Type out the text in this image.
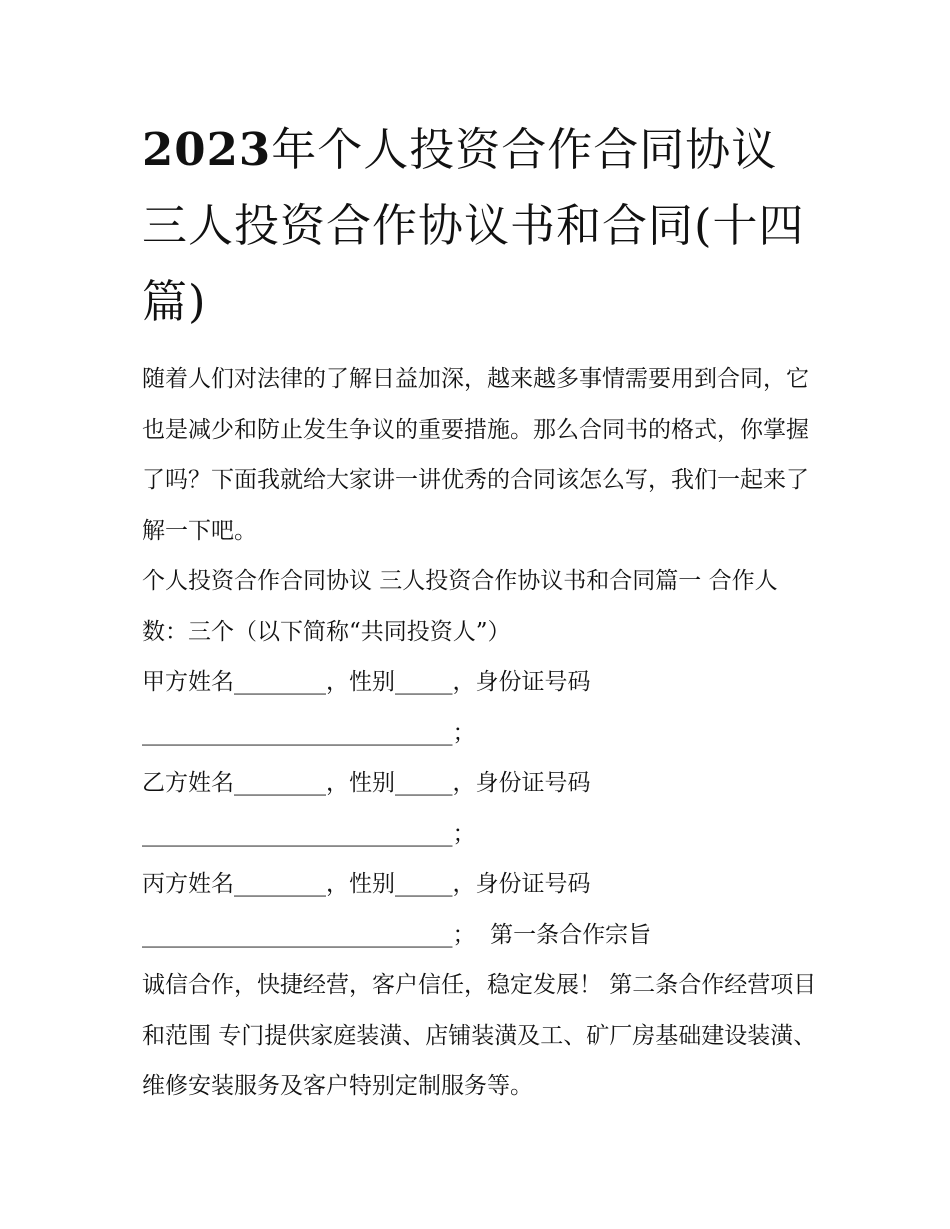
2023年个人投资合作合同协议三人投资合作协议书和合同(十四篇)

随着人们对法律的了解日益加深，越来越多事情需要用到合同，它也是减少和防止发生争议的重要措施。那么合同书的格式，你掌握了吗？下面我就给大家讲一讲优秀的合同该怎么写，我们一起来了解一下吧。

个人投资合作合同协议 三人投资合作协议书和合同篇一 合作人数：三个（以下简称“共同投资人”）

甲方姓名________，性别_____，身份证号码

___________________________；

乙方姓名________，性别_____，身份证号码

___________________________；

丙方姓名________，性别_____，身份证号码

___________________________；  第一条合作宗旨

诚信合作，快捷经营，客户信任，稳定发展！ 第二条合作经营项目和范围 专门提供家庭装潢、店铺装潢及工、矿厂房基础建设装潢、维修安装服务及客户特别定制服务等。
